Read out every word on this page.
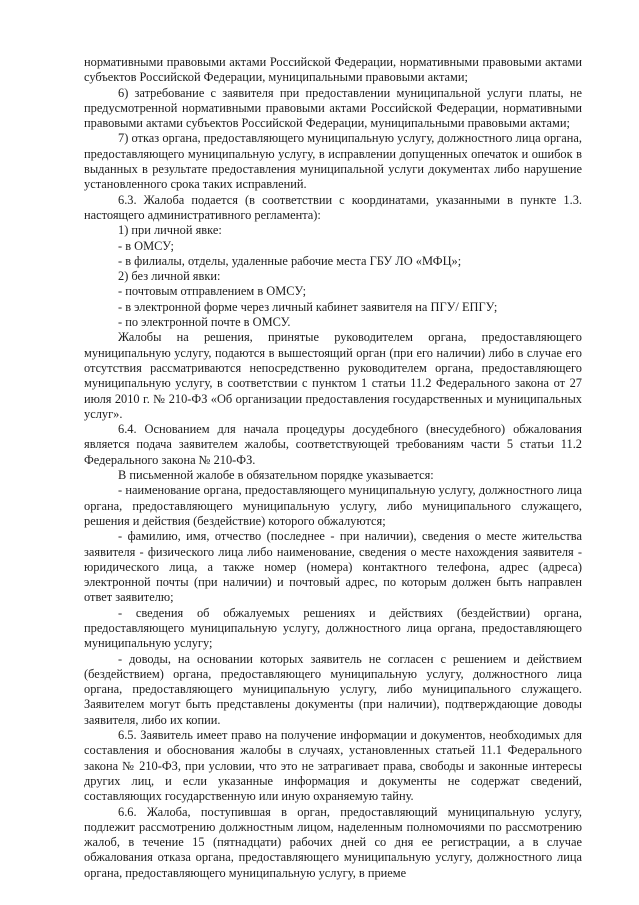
нормативными правовыми актами Российской Федерации, нормативными правовыми актами субъектов Российской Федерации, муниципальными правовыми актами;

6) затребование с заявителя при предоставлении муниципальной услуги платы, не предусмотренной нормативными правовыми актами Российской Федерации, нормативными правовыми актами субъектов Российской Федерации, муниципальными правовыми актами;

7) отказ органа, предоставляющего муниципальную услугу, должностного лица органа, предоставляющего муниципальную услугу, в исправлении допущенных опечаток и ошибок в выданных в результате предоставления муниципальной услуги документах либо нарушение установленного срока таких исправлений.

6.3. Жалоба подается (в соответствии с координатами, указанными в пункте 1.3. настоящего административного регламента):

1) при личной явке:

- в ОМСУ;

- в филиалы, отделы, удаленные рабочие места ГБУ ЛО «МФЦ»;

2) без личной явки:

- почтовым отправлением в ОМСУ;

- в электронной форме через личный кабинет заявителя на ПГУ/ ЕПГУ;

- по электронной почте в ОМСУ.

Жалобы на решения, принятые руководителем органа, предоставляющего муниципальную услугу, подаются в вышестоящий орган (при его наличии) либо в случае его отсутствия рассматриваются непосредственно руководителем органа, предоставляющего муниципальную услугу, в соответствии с пунктом 1 статьи 11.2 Федерального закона от 27 июля 2010 г. № 210-ФЗ «Об организации предоставления государственных и муниципальных услуг».

6.4. Основанием для начала процедуры досудебного (внесудебного) обжалования является подача заявителем жалобы, соответствующей требованиям части 5 статьи 11.2 Федерального закона № 210-ФЗ.

В письменной жалобе в обязательном порядке указывается:

- наименование органа, предоставляющего муниципальную услугу, должностного лица органа, предоставляющего муниципальную услугу, либо муниципального служащего, решения и действия (бездействие) которого обжалуются;

- фамилию, имя, отчество (последнее - при наличии), сведения о месте жительства заявителя - физического лица либо наименование, сведения о месте нахождения заявителя - юридического лица, а также номер (номера) контактного телефона, адрес (адреса) электронной почты (при наличии) и почтовый адрес, по которым должен быть направлен ответ заявителю;

- сведения об обжалуемых решениях и действиях (бездействии) органа, предоставляющего муниципальную услугу, должностного лица органа, предоставляющего муниципальную услугу;

- доводы, на основании которых заявитель не согласен с решением и действием (бездействием) органа, предоставляющего муниципальную услугу, должностного лица органа, предоставляющего муниципальную услугу, либо муниципального служащего. Заявителем могут быть представлены документы (при наличии), подтверждающие доводы заявителя, либо их копии.

6.5. Заявитель имеет право на получение информации и документов, необходимых для составления и обоснования жалобы в случаях, установленных статьей 11.1 Федерального закона № 210-ФЗ, при условии, что это не затрагивает права, свободы и законные интересы других лиц, и если указанные информация и документы не содержат сведений, составляющих государственную или иную охраняемую тайну.

6.6. Жалоба, поступившая в орган, предоставляющий муниципальную услугу, подлежит рассмотрению должностным лицом, наделенным полномочиями по рассмотрению жалоб, в течение 15 (пятнадцати) рабочих дней со дня ее регистрации, а в случае обжалования отказа органа, предоставляющего муниципальную услугу, должностного лица органа, предоставляющего муниципальную услугу, в приеме
